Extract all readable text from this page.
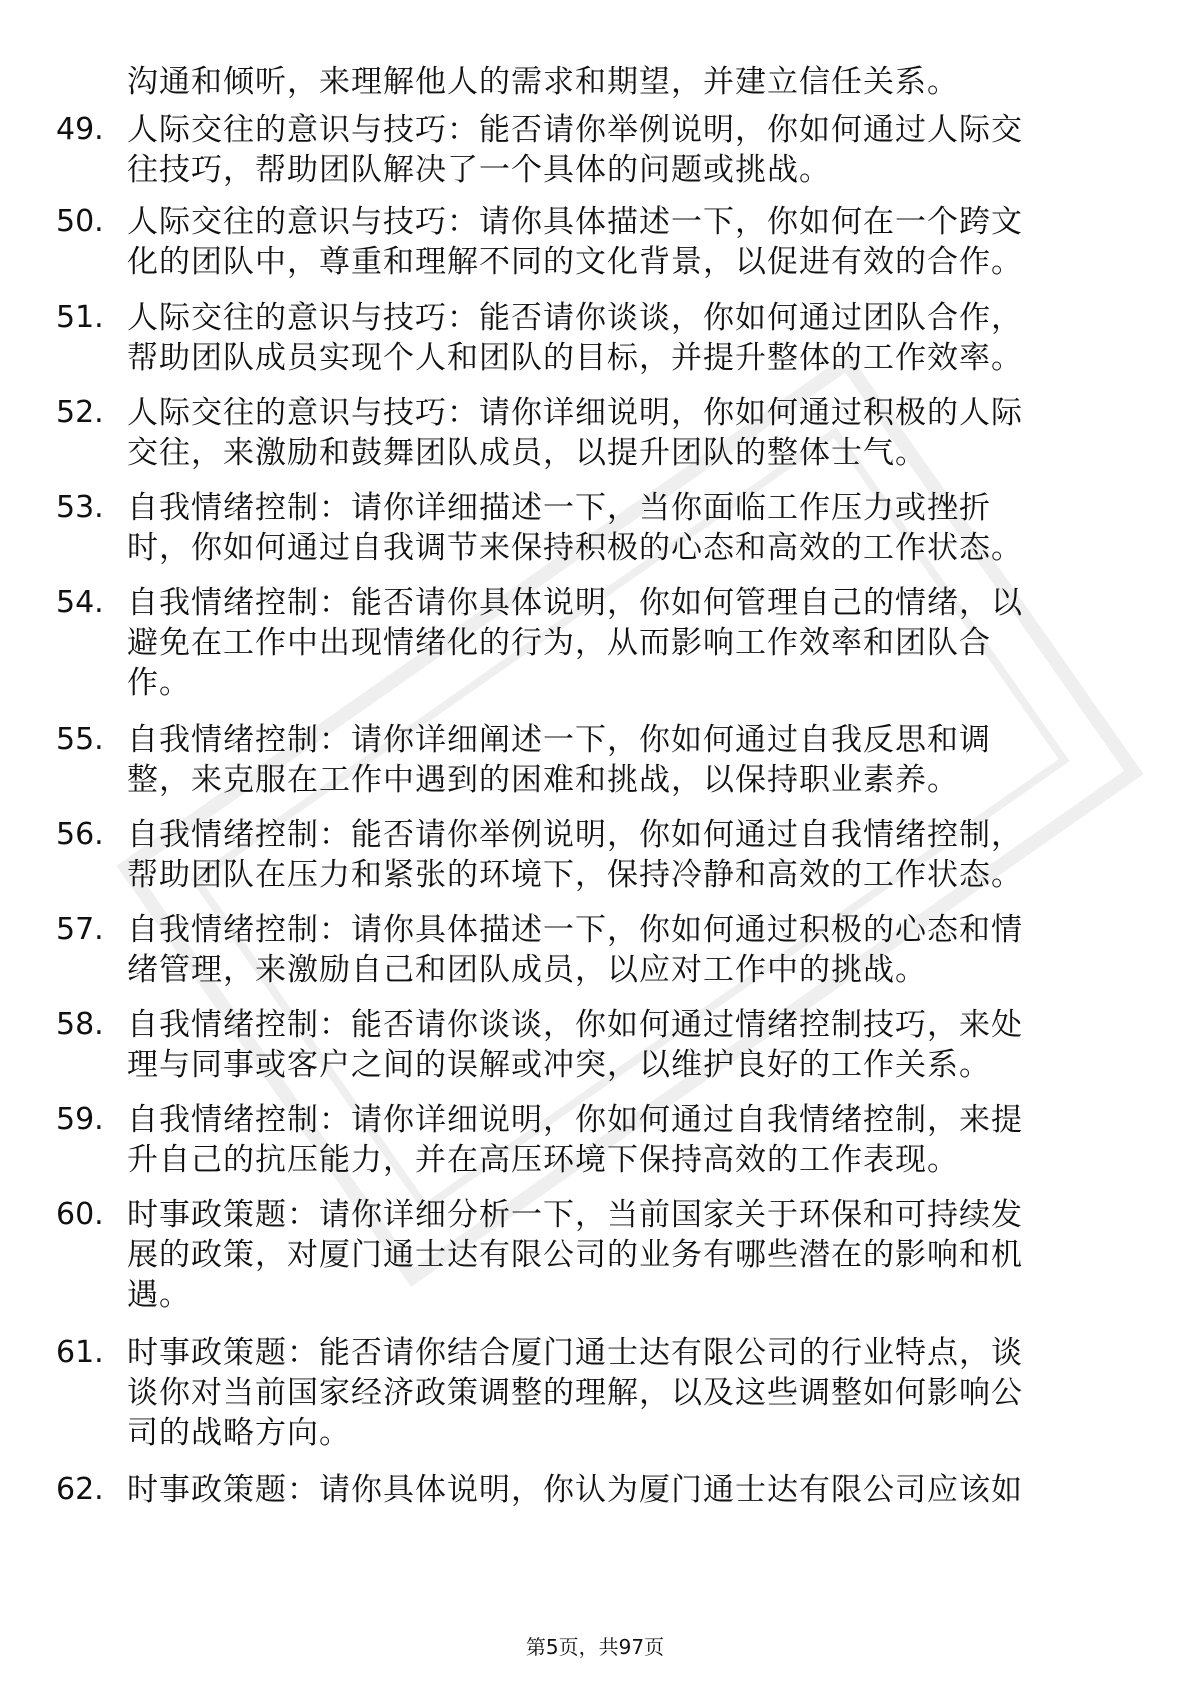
沟通和倾听，来理解他人的需求和期望，并建立信任关系。
49. 人际交往的意识与技巧：能否请你举例说明，你如何通过人际交
往技巧，帮助团队解决了一个具体的问题或挑战。
50. 人际交往的意识与技巧：请你具体描述一下，你如何在一个跨文
化的团队中，尊重和理解不同的文化背景，以促进有效的合作。
51. 人际交往的意识与技巧：能否请你谈谈，你如何通过团队合作，
帮助团队成员实现个人和团队的目标，并提升整体的工作效率。
52. 人际交往的意识与技巧：请你详细说明，你如何通过积极的人际
交往，来激励和鼓舞团队成员，以提升团队的整体士气。
53. 自我情绪控制：请你详细描述一下，当你面临工作压力或挫折
时，你如何通过自我调节来保持积极的心态和高效的工作状态。
54. 自我情绪控制：能否请你具体说明，你如何管理自己的情绪，以
避免在工作中出现情绪化的行为，从而影响工作效率和团队合
作。
55. 自我情绪控制：请你详细阐述一下，你如何通过自我反思和调
整，来克服在工作中遇到的困难和挑战，以保持职业素养。
56. 自我情绪控制：能否请你举例说明，你如何通过自我情绪控制，
帮助团队在压力和紧张的环境下，保持冷静和高效的工作状态。
57. 自我情绪控制：请你具体描述一下，你如何通过积极的心态和情
绪管理，来激励自己和团队成员，以应对工作中的挑战。
58. 自我情绪控制：能否请你谈谈，你如何通过情绪控制技巧，来处
理与同事或客户之间的误解或冲突，以维护良好的工作关系。
59. 自我情绪控制：请你详细说明，你如何通过自我情绪控制，来提
升自己的抗压能力，并在高压环境下保持高效的工作表现。
60. 时事政策题：请你详细分析一下，当前国家关于环保和可持续发
展的政策，对厦门通士达有限公司的业务有哪些潜在的影响和机
遇。
61. 时事政策题：能否请你结合厦门通士达有限公司的行业特点，谈
谈你对当前国家经济政策调整的理解，以及这些调整如何影响公
司的战略方向。
62. 时事政策题：请你具体说明，你认为厦门通士达有限公司应该如
第5页，共97页
